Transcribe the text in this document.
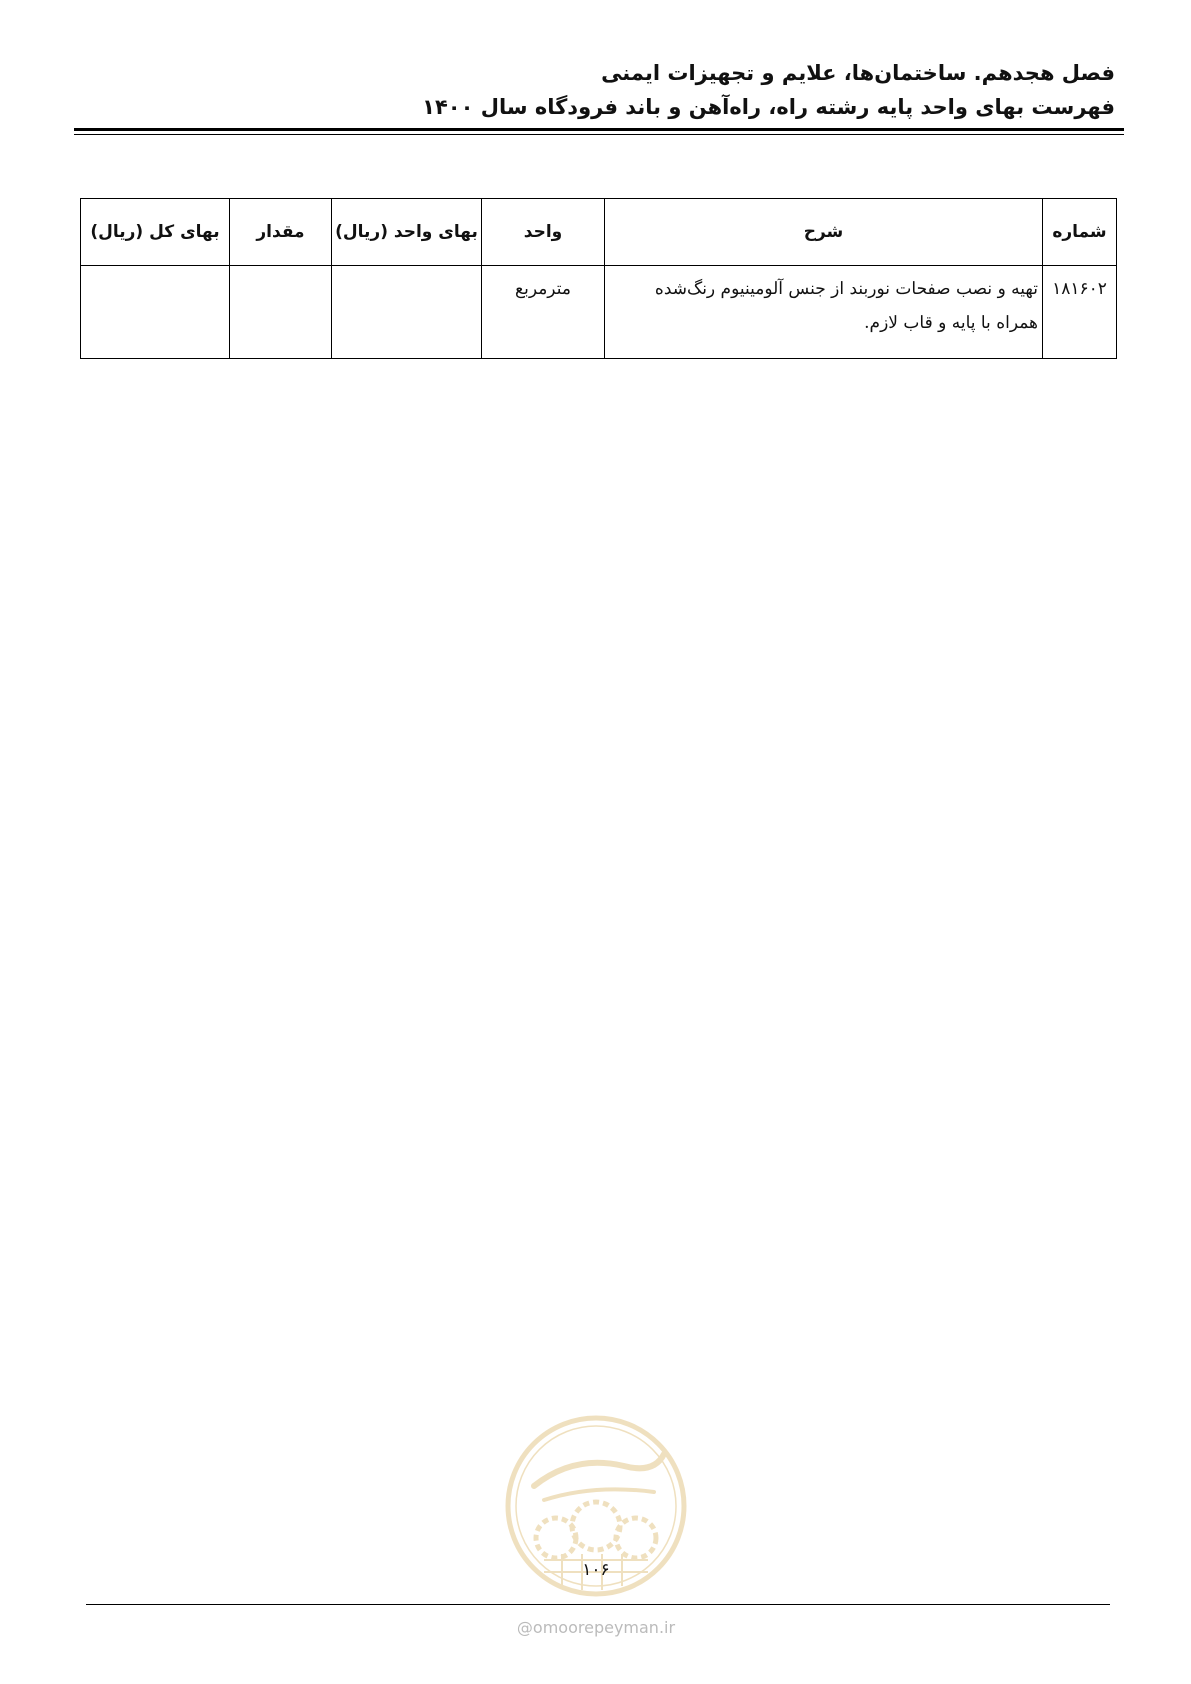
فصل هجدهم. ساختمان‌ها، علایم و تجهیزات ایمنی
فهرست بهای واحد پایه رشته راه، راه‌آهن و باند فرودگاه سال ۱۴۰۰
شماره	شرح	واحد	بهای واحد (ریال)	مقدار	بهای کل (ریال)
۱۸۱۶۰۲	تهیه و نصب صفحات نوربند از جنس آلومینیوم رنگ‌شده همراه با پایه و قاب لازم.	مترمربع			
۱۰۶
@omoorepeyman.ir
